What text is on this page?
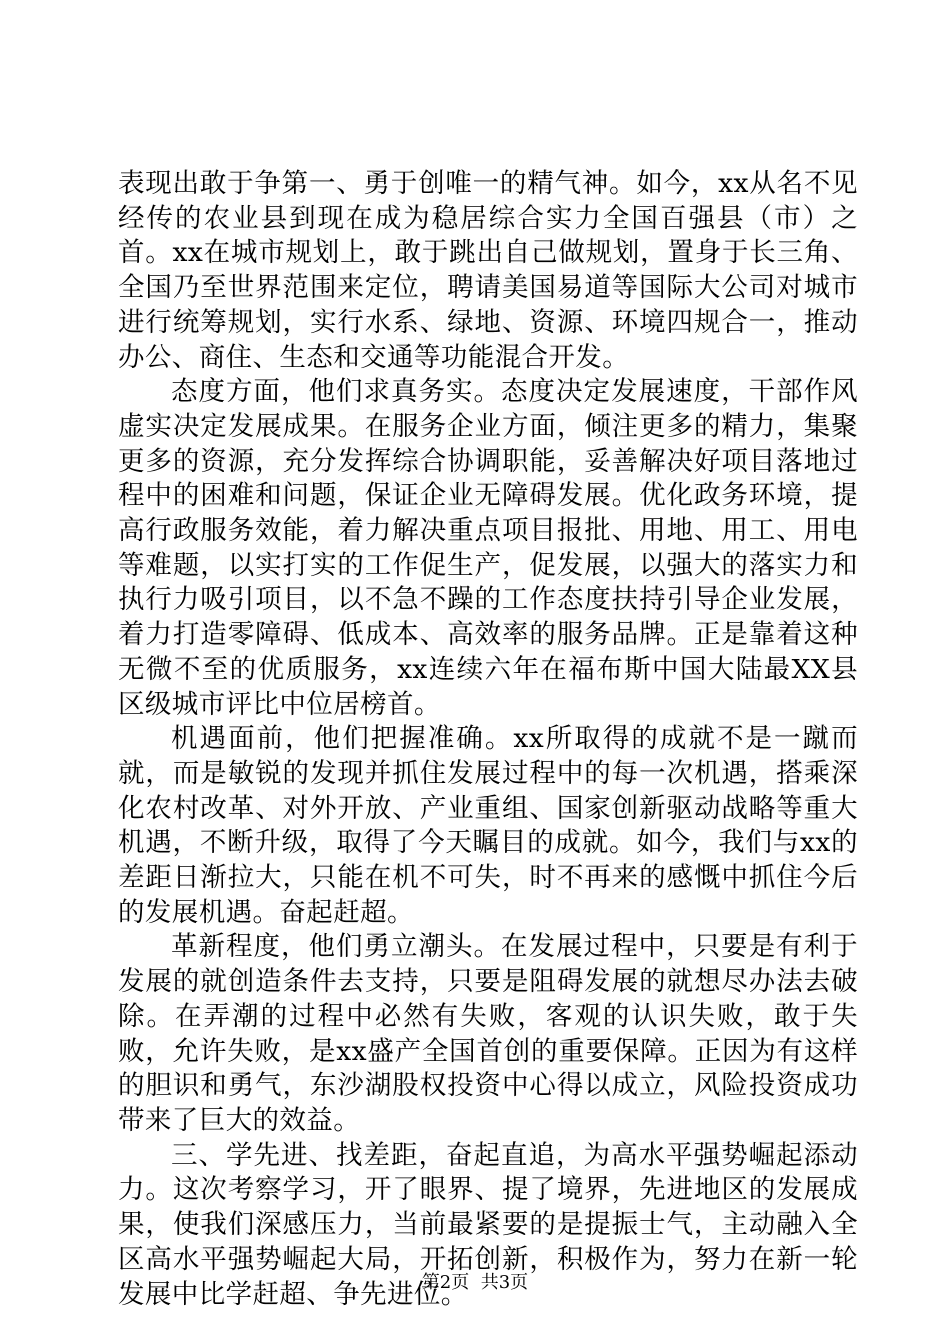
表现出敢于争第一、勇于创唯一的精气神。如今，xx从名不见经传的农业县到现在成为稳居综合实力全国百强县（市）之首。xx在城市规划上，敢于跳出自己做规划，置身于长三角、全国乃至世界范围来定位，聘请美国易道等国际大公司对城市进行统筹规划，实行水系、绿地、资源、环境四规合一，推动办公、商住、生态和交通等功能混合开发。

态度方面，他们求真务实。态度决定发展速度，干部作风虚实决定发展成果。在服务企业方面，倾注更多的精力，集聚更多的资源，充分发挥综合协调职能，妥善解决好项目落地过程中的困难和问题，保证企业无障碍发展。优化政务环境，提高行政服务效能，着力解决重点项目报批、用地、用工、用电等难题，以实打实的工作促生产，促发展，以强大的落实力和执行力吸引项目，以不急不躁的工作态度扶持引导企业发展，着力打造零障碍、低成本、高效率的服务品牌。正是靠着这种无微不至的优质服务，xx连续六年在福布斯中国大陆最XX县区级城市评比中位居榜首。

机遇面前，他们把握准确。xx所取得的成就不是一蹴而就，而是敏锐的发现并抓住发展过程中的每一次机遇，搭乘深化农村改革、对外开放、产业重组、国家创新驱动战略等重大机遇，不断升级，取得了今天瞩目的成就。如今，我们与xx的差距日渐拉大，只能在机不可失，时不再来的感慨中抓住今后的发展机遇。奋起赶超。

革新程度，他们勇立潮头。在发展过程中，只要是有利于发展的就创造条件去支持，只要是阻碍发展的就想尽办法去破除。在弄潮的过程中必然有失败，客观的认识失败，敢于失败，允许失败，是xx盛产全国首创的重要保障。正因为有这样的胆识和勇气，东沙湖股权投资中心得以成立，风险投资成功带来了巨大的效益。

三、学先进、找差距，奋起直追，为高水平强势崛起添动力。这次考察学习，开了眼界、提了境界，先进地区的发展成果，使我们深感压力，当前最紧要的是提振士气，主动融入全区高水平强势崛起大局，开拓创新，积极作为，努力在新一轮发展中比学赶超、争先进位。

第2页  共3页
